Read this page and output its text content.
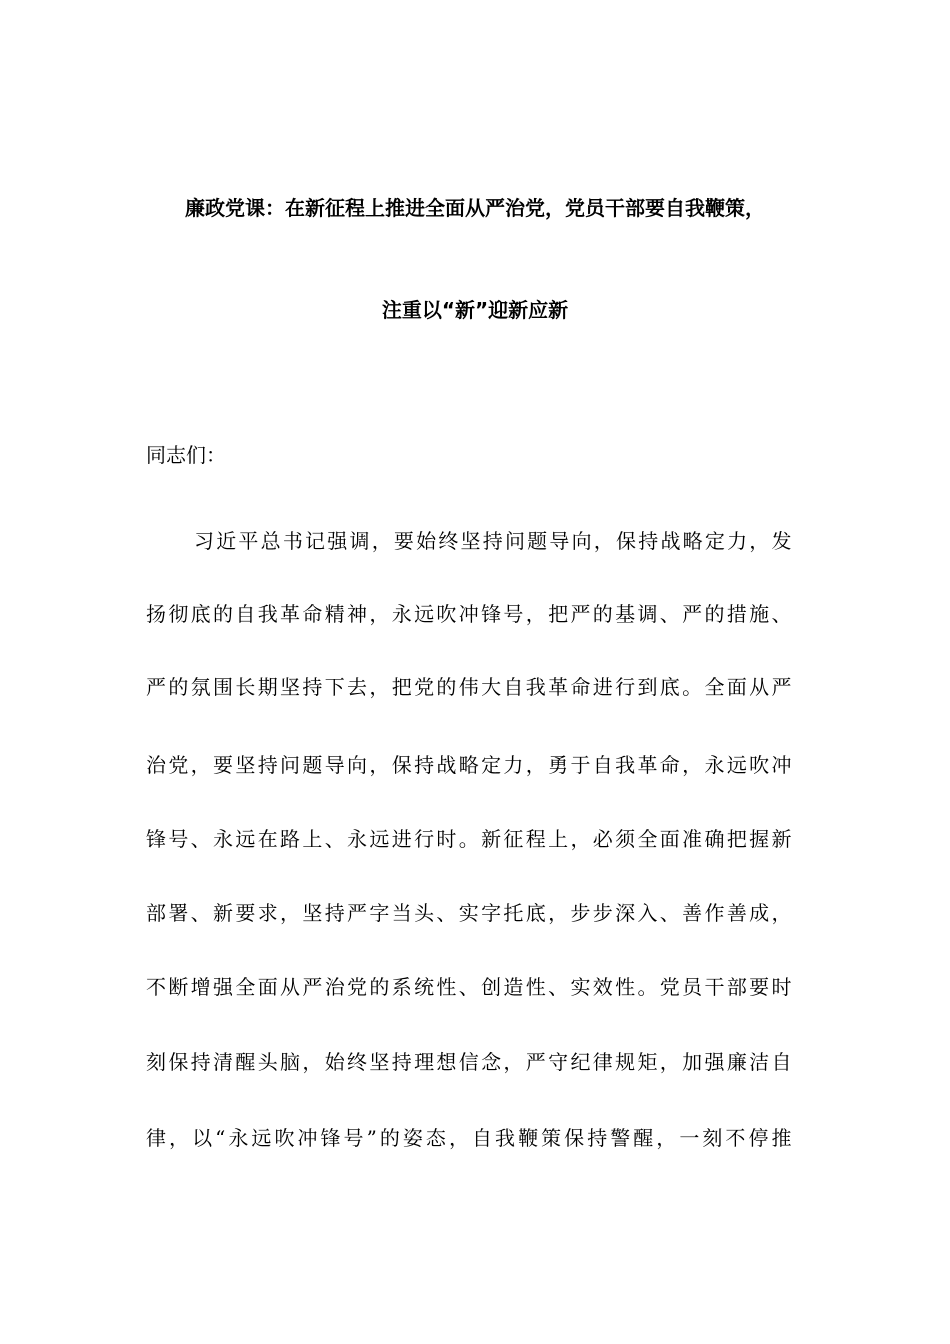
廉政党课：在新征程上推进全面从严治党，党员干部要自我鞭策，
注重以“新”迎新应新
同志们：
习近平总书记强调，要始终坚持问题导向，保持战略定力，发
扬彻底的自我革命精神，永远吹冲锋号，把严的基调、严的措施、
严的氛围长期坚持下去，把党的伟大自我革命进行到底。全面从严
治党，要坚持问题导向，保持战略定力，勇于自我革命，永远吹冲
锋号、永远在路上、永远进行时。新征程上，必须全面准确把握新
部署、新要求，坚持严字当头、实字托底，步步深入、善作善成，
不断增强全面从严治党的系统性、创造性、实效性。党员干部要时
刻保持清醒头脑，始终坚持理想信念，严守纪律规矩，加强廉洁自
律，以“永远吹冲锋号”的姿态，自我鞭策保持警醒，一刻不停推
